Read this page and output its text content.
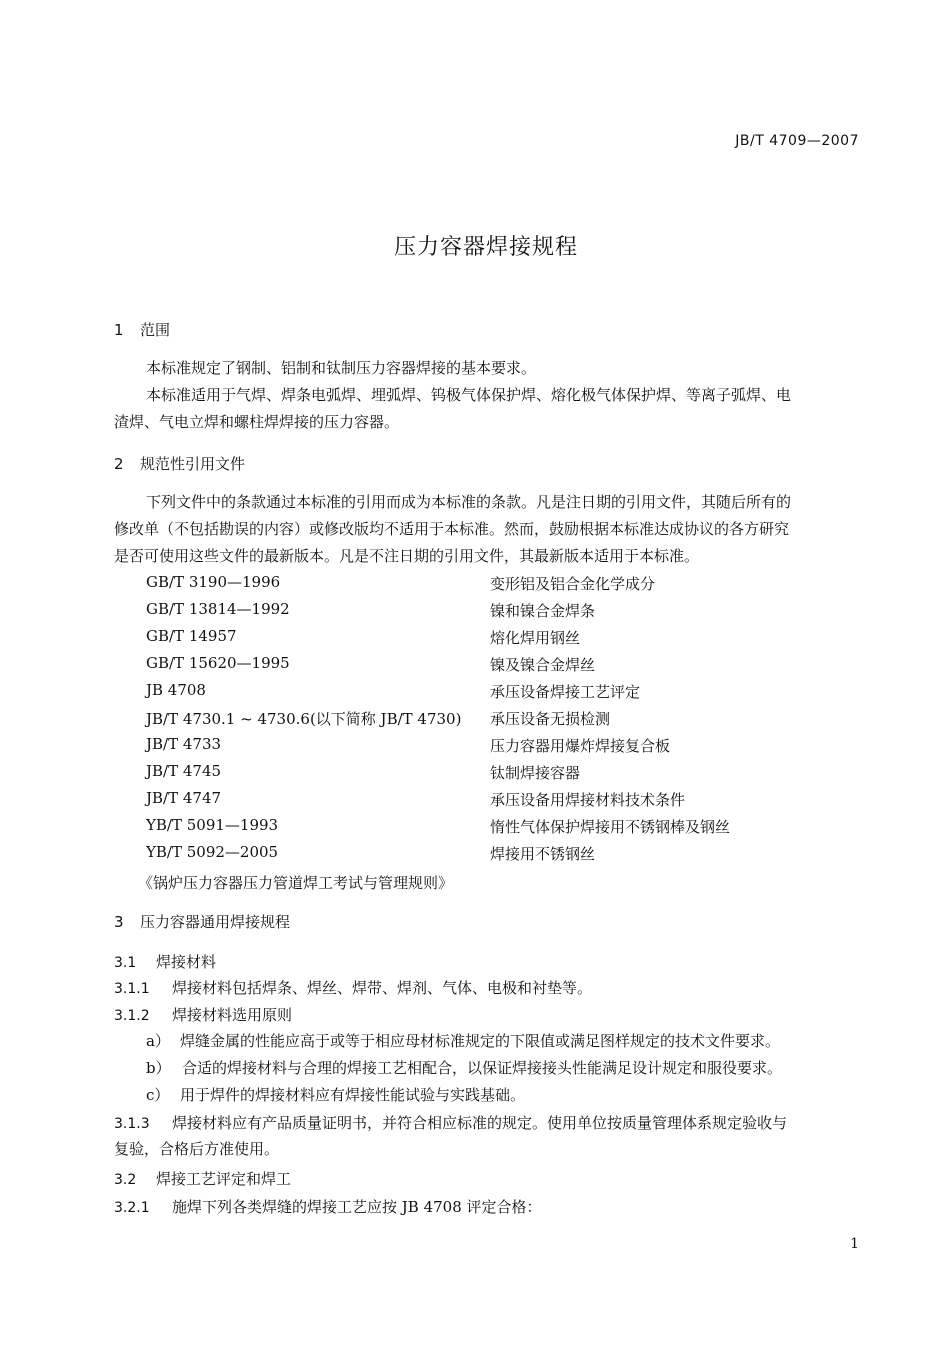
JB/T 4709—2007
压力容器焊接规程
1 范围
本标准规定了钢制、铝制和钛制压力容器焊接的基本要求。
本标准适用于气焊、焊条电弧焊、埋弧焊、钨极气体保护焊、熔化极气体保护焊、等离子弧焊、电
渣焊、气电立焊和螺柱焊焊接的压力容器。
2 规范性引用文件
下列文件中的条款通过本标准的引用而成为本标准的条款。凡是注日期的引用文件，其随后所有的
修改单（不包括勘误的内容）或修改版均不适用于本标准。然而，鼓励根据本标准达成协议的各方研究
是否可使用这些文件的最新版本。凡是不注日期的引用文件，其最新版本适用于本标准。
GB/T 3190—1996	变形铝及铝合金化学成分
GB/T 13814—1992	镍和镍合金焊条
GB/T 14957	熔化焊用钢丝
GB/T 15620—1995	镍及镍合金焊丝
JB 4708	承压设备焊接工艺评定
JB/T 4730.1 ~ 4730.6(以下简称 JB/T 4730) 承压设备无损检测
JB/T 4733	压力容器用爆炸焊接复合板
JB/T 4745	钛制焊接容器
JB/T 4747	承压设备用焊接材料技术条件
YB/T 5091—1993	惰性气体保护焊接用不锈钢棒及钢丝
YB/T 5092—2005	焊接用不锈钢丝
《锅炉压力容器压力管道焊工考试与管理规则》
3 压力容器通用焊接规程
3.1 焊接材料
3.1.1 焊接材料包括焊条、焊丝、焊带、焊剂、气体、电极和衬垫等。
3.1.2 焊接材料选用原则
a） 焊缝金属的性能应高于或等于相应母材标准规定的下限值或满足图样规定的技术文件要求。
b） 合适的焊接材料与合理的焊接工艺相配合，以保证焊接接头性能满足设计规定和服役要求。
c） 用于焊件的焊接材料应有焊接性能试验与实践基础。
3.1.3 焊接材料应有产品质量证明书，并符合相应标准的规定。使用单位按质量管理体系规定验收与
复验，合格后方准使用。
3.2 焊接工艺评定和焊工
3.2.1 施焊下列各类焊缝的焊接工艺应按 JB 4708 评定合格：
1
